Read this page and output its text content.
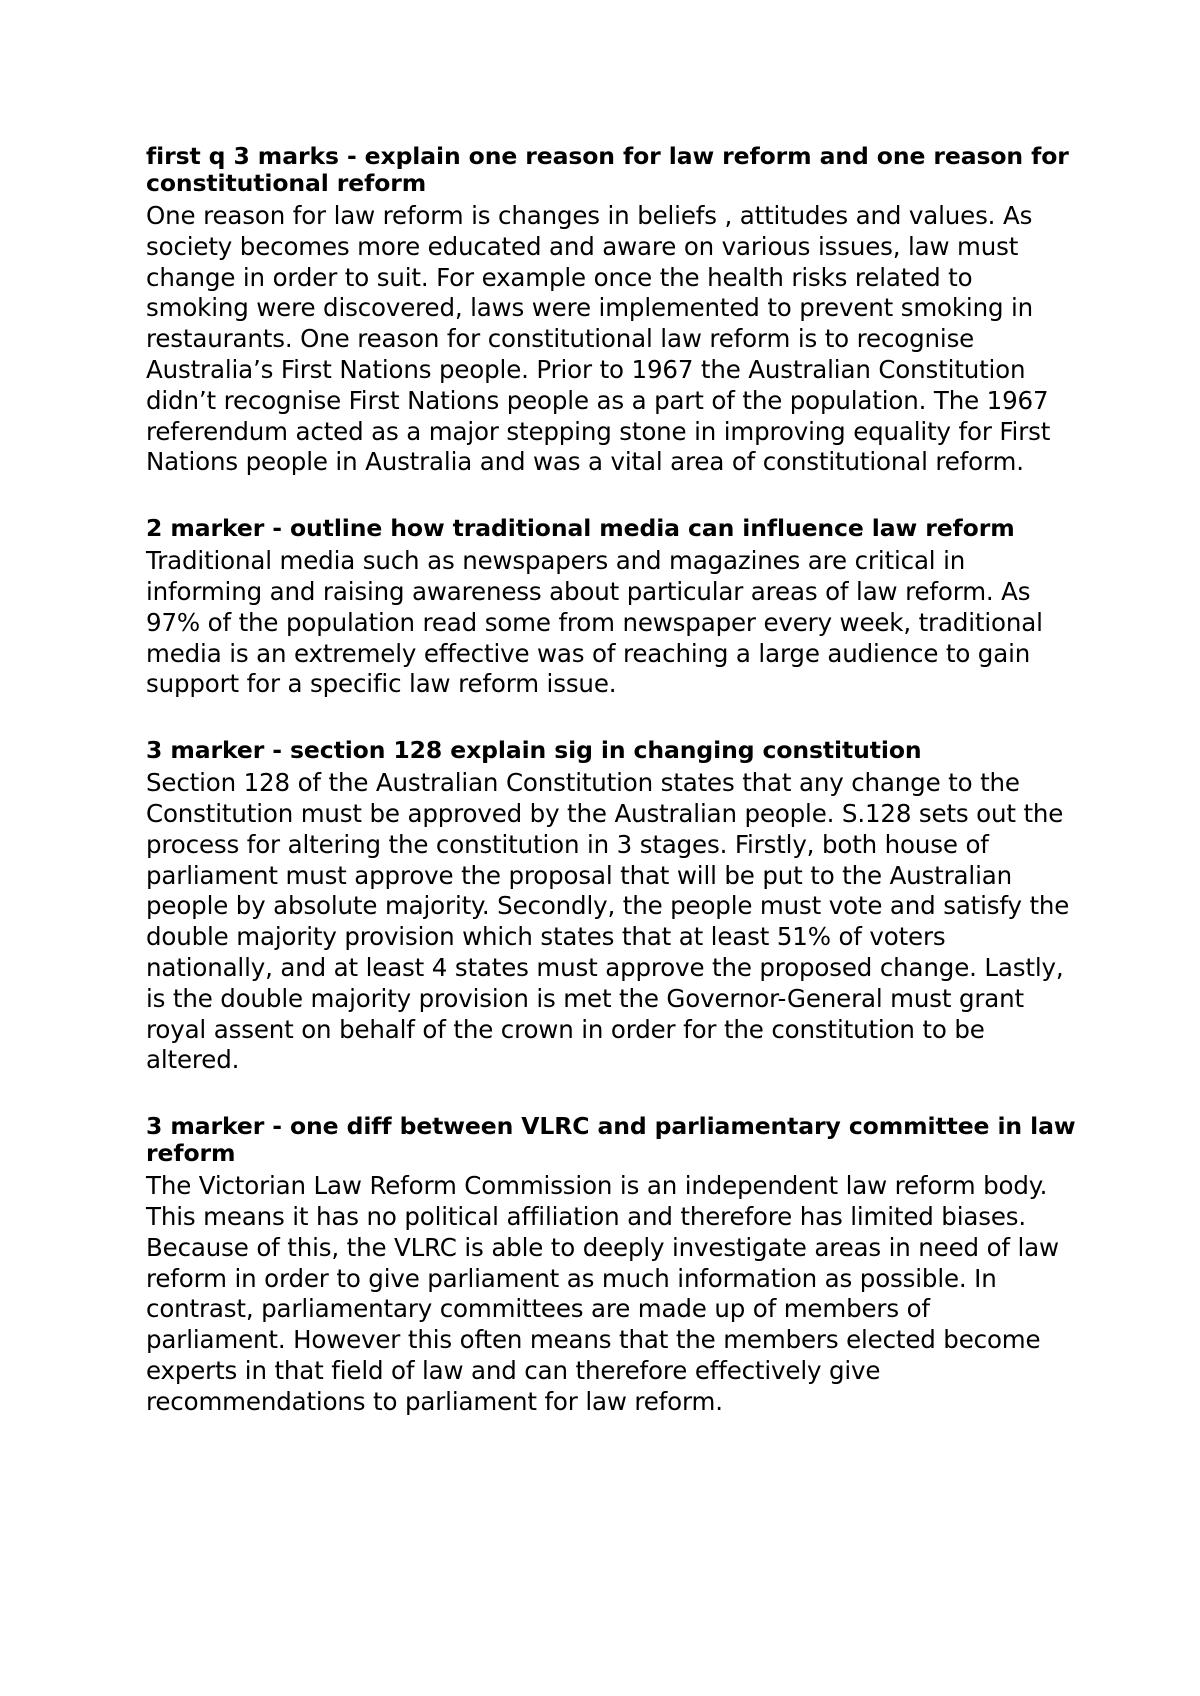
first q 3 marks - explain one reason for law reform and one reason for constitutional reform

One reason for law reform is changes in beliefs , attitudes and values. As society becomes more educated and aware on various issues, law must change in order to suit. For example once the health risks related to smoking were discovered, laws were implemented to prevent smoking in restaurants. One reason for constitutional law reform is to recognise Australia’s First Nations people. Prior to 1967 the Australian Constitution didn’t recognise First Nations people as a part of the population. The 1967 referendum acted as a major stepping stone in improving equality for First Nations people in Australia and was a vital area of constitutional reform.

2 marker - outline how traditional media can influence law reform

Traditional media such as newspapers and magazines are critical in informing and raising awareness about particular areas of law reform. As 97% of the population read some from newspaper every week, traditional media is an extremely effective was of reaching a large audience to gain support for a specific law reform issue.

3 marker - section 128 explain sig in changing constitution

Section 128 of the Australian Constitution states that any change to the Constitution must be approved by the Australian people. S.128 sets out the process for altering the constitution in 3 stages. Firstly, both house of parliament must approve the proposal that will be put to the Australian people by absolute majority. Secondly, the people must vote and satisfy the double majority provision which states that at least 51% of voters nationally, and at least 4 states must approve the proposed change. Lastly, is the double majority provision is met the Governor-General must grant royal assent on behalf of the crown in order for the constitution to be altered.

3 marker - one diff between VLRC and parliamentary committee in law reform

The Victorian Law Reform Commission is an independent law reform body. This means it has no political affiliation and therefore has limited biases. Because of this, the VLRC is able to deeply investigate areas in need of law reform in order to give parliament as much information as possible. In contrast, parliamentary committees are made up of members of parliament. However this often means that the members elected become experts in that field of law and can therefore effectively give recommendations to parliament for law reform.
